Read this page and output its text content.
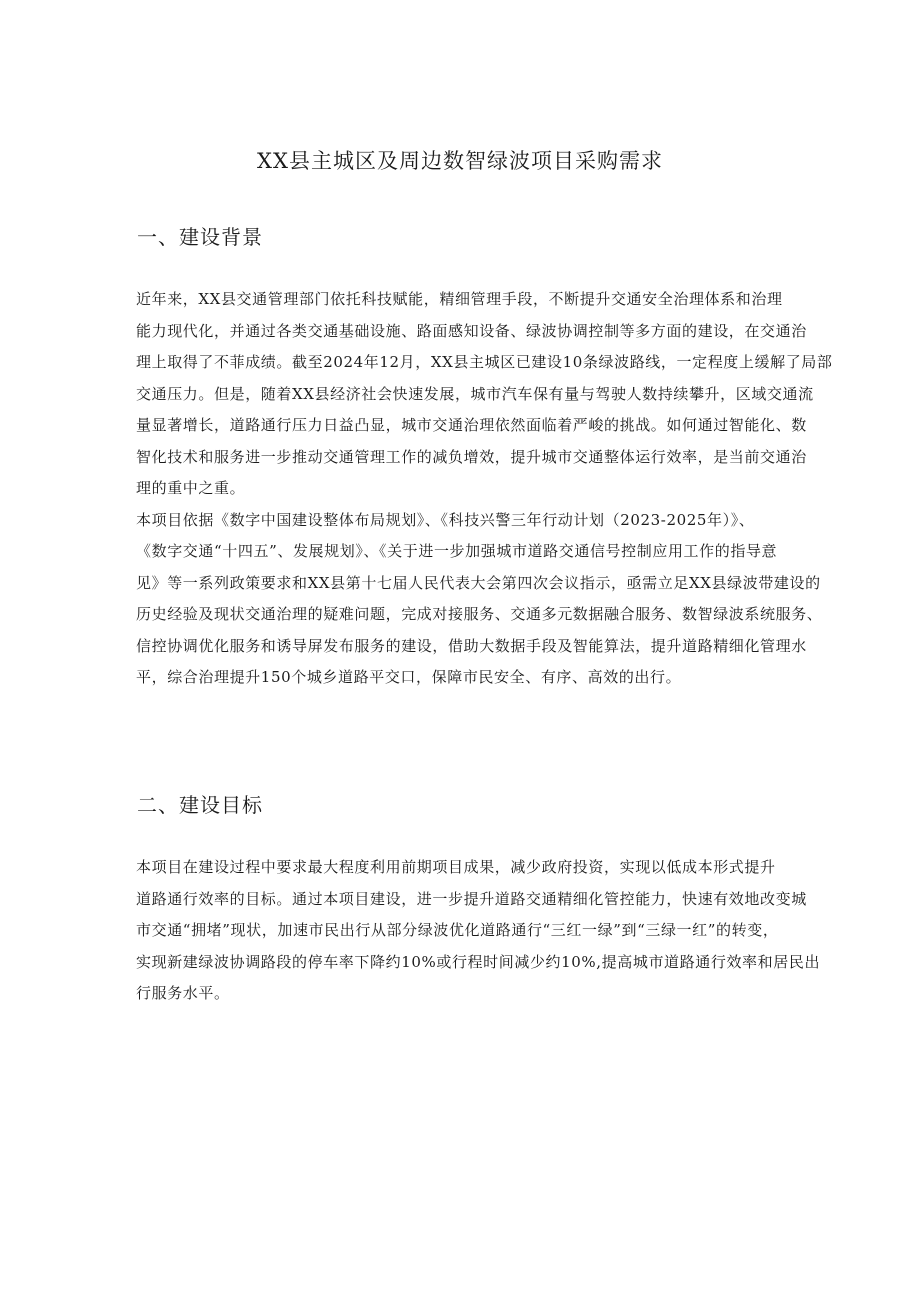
XX县主城区及周边数智绿波项目采购需求
一、建设背景
近年来，XX县交通管理部门依托科技赋能，精细管理手段，不断提升交通安全治理体系和治理
能力现代化，并通过各类交通基础设施、路面感知设备、绿波协调控制等多方面的建设，在交通治
理上取得了不菲成绩。截至2024年12月，XX县主城区已建设10条绿波路线，一定程度上缓解了局部
交通压力。但是，随着XX县经济社会快速发展，城市汽车保有量与驾驶人数持续攀升，区域交通流
量显著增长，道路通行压力日益凸显，城市交通治理依然面临着严峻的挑战。如何通过智能化、数
智化技术和服务进一步推动交通管理工作的减负增效，提升城市交通整体运行效率，是当前交通治
理的重中之重。
本项目依据《数字中国建设整体布局规划》、《科技兴警三年行动计划（2023-2025年）》、
《数字交通“十四五”、发展规划》、《关于进一步加强城市道路交通信号控制应用工作的指导意
见》等一系列政策要求和XX县第十七届人民代表大会第四次会议指示，亟需立足XX县绿波带建设的
历史经验及现状交通治理的疑难问题，完成对接服务、交通多元数据融合服务、数智绿波系统服务、
信控协调优化服务和诱导屏发布服务的建设，借助大数据手段及智能算法，提升道路精细化管理水
平，综合治理提升150个城乡道路平交口，保障市民安全、有序、高效的出行。
二、建设目标
本项目在建设过程中要求最大程度利用前期项目成果，减少政府投资，实现以低成本形式提升
道路通行效率的目标。通过本项目建设，进一步提升道路交通精细化管控能力，快速有效地改变城
市交通“拥堵”现状，加速市民出行从部分绿波优化道路通行“三红一绿”到“三绿一红”的转变，
实现新建绿波协调路段的停车率下降约10%或行程时间减少约10%,提高城市道路通行效率和居民出
行服务水平。
